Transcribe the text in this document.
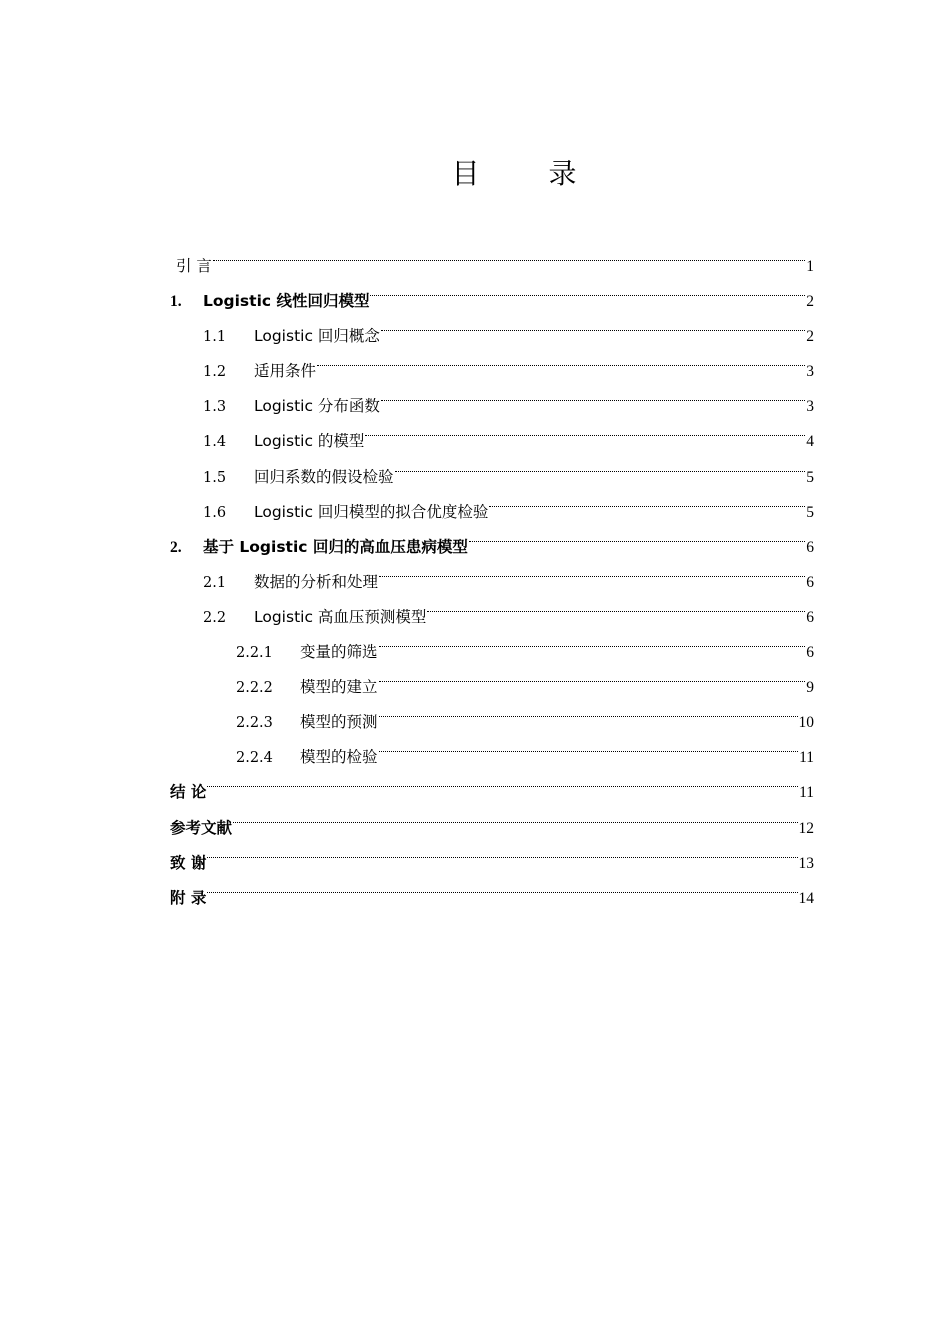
目 录
引 言	1
1.	Logistic 线性回归模型	2
1.1	Logistic 回归概念	2
1.2	适用条件	3
1.3	Logistic 分布函数	3
1.4	Logistic 的模型	4
1.5	回归系数的假设检验	5
1.6	Logistic 回归模型的拟合优度检验	5
2.	基于 Logistic 回归的高血压患病模型	6
2.1	数据的分析和处理	6
2.2	Logistic 高血压预测模型	6
2.2.1	变量的筛选	6
2.2.2	模型的建立	9
2.2.3	模型的预测	10
2.2.4	模型的检验	11
结 论	11
参考文献	12
致 谢	13
附 录	14
